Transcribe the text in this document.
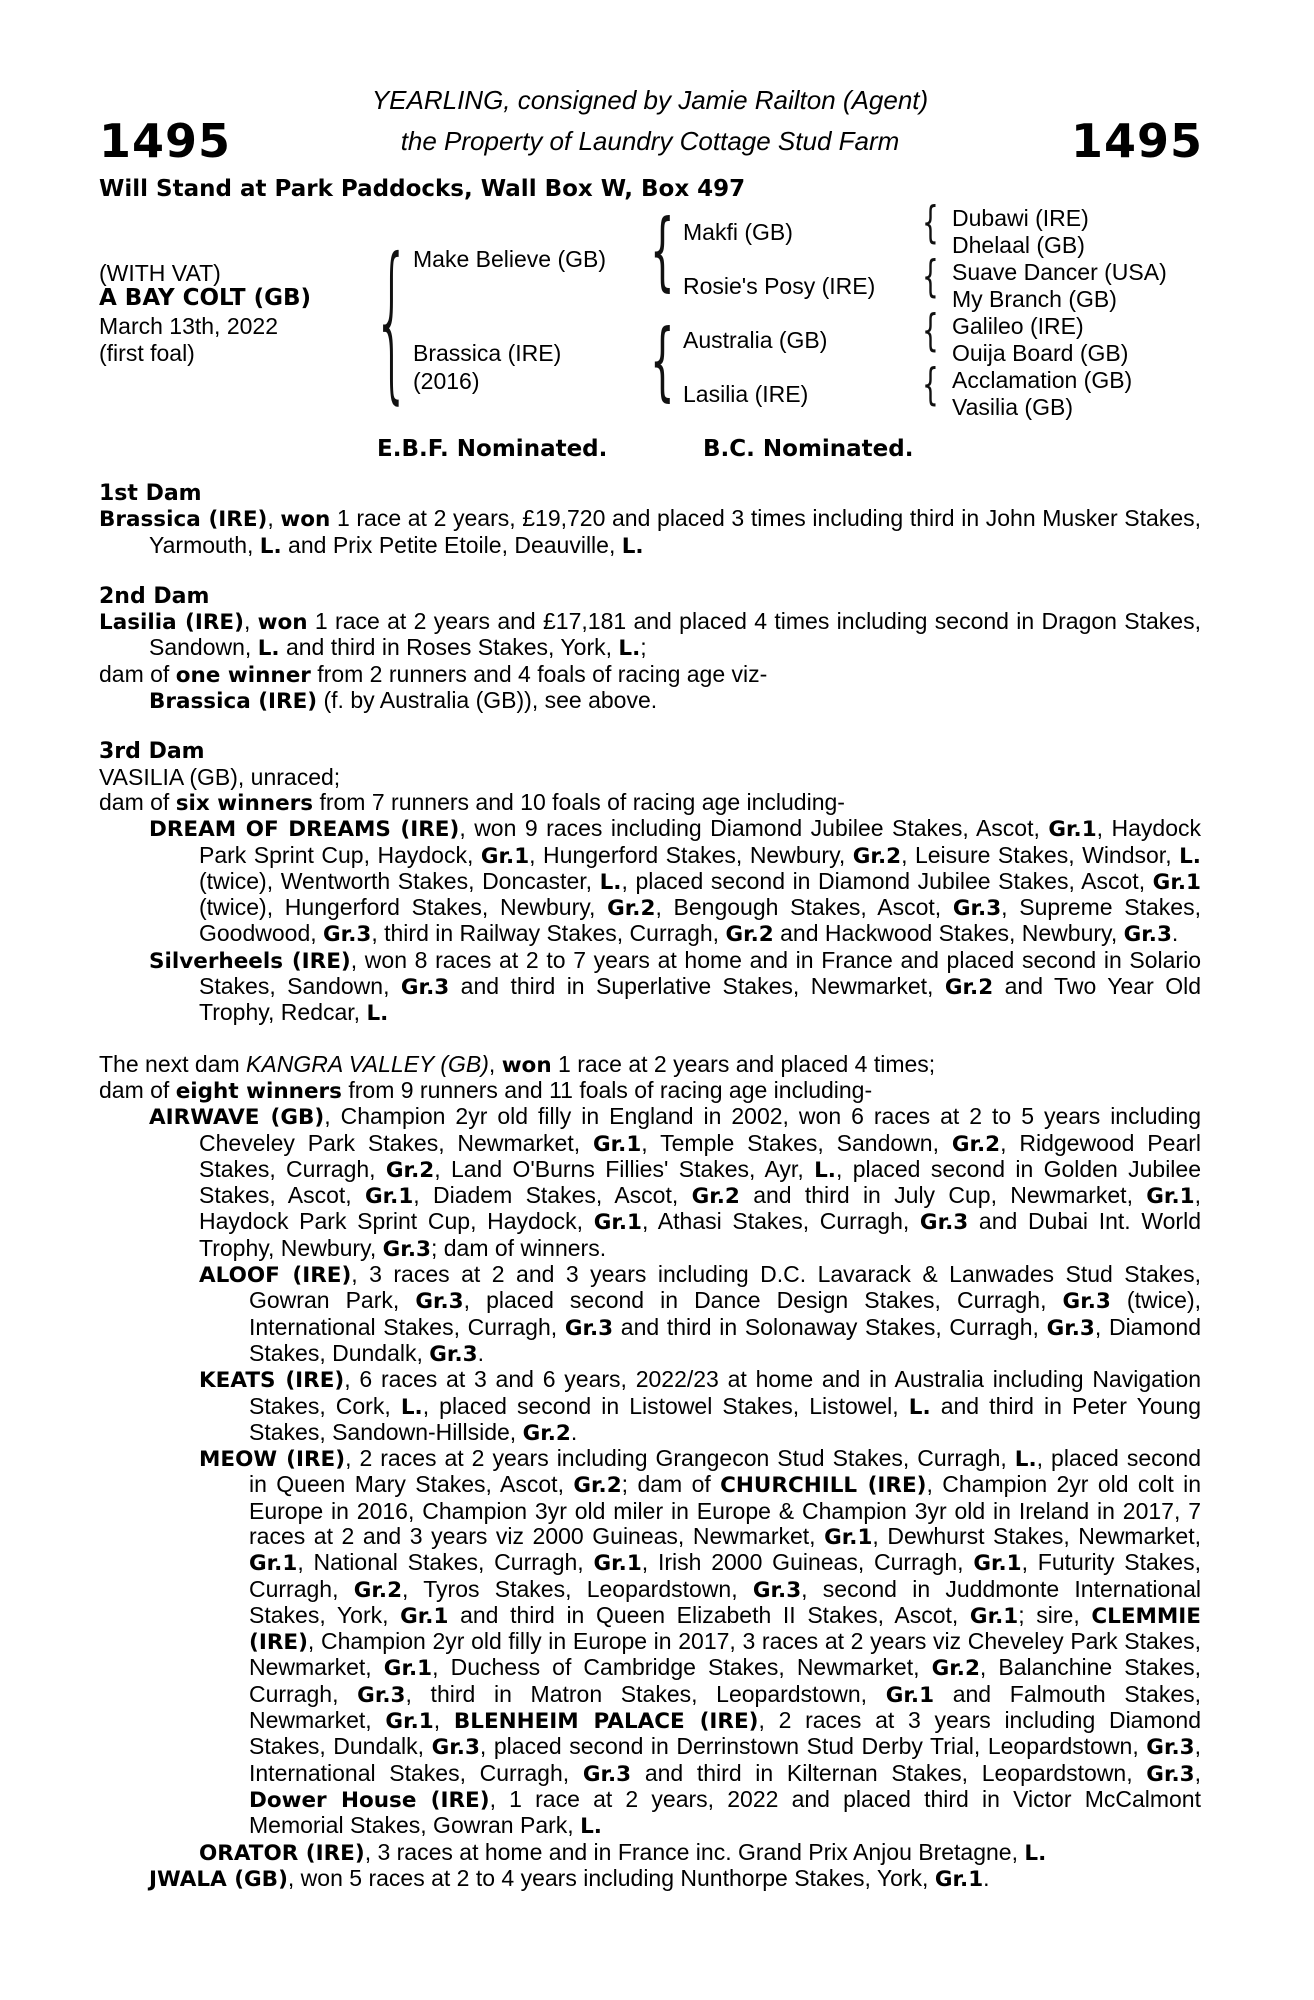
1495	1495
YEARLING, consigned by Jamie Railton (Agent)
the Property of Laundry Cottage Stud Farm
Will Stand at Park Paddocks, Wall Box W, Box 497
(WITH VAT)
A BAY COLT (GB)
March 13th, 2022
(first foal) { Make Believe (GB)
Brassica (IRE)
(2016)
{
{
Makfi (GB)
Rosie's Posy (IRE)
Australia (GB)
Lasilia (IRE)
{
{
{
{
Dubawi (IRE)
Dhelaal (GB)
Suave Dancer (USA)
My Branch (GB)
Galileo (IRE)
Ouija Board (GB)
Acclamation (GB)
Vasilia (GB)
E.B.F. Nominated.	B.C. Nominated.

1st Dam

Brassica (IRE), won 1 race at 2 years, £19,720 and placed 3 times including third in John Musker Stakes, Yarmouth, L. and Prix Petite Etoile, Deauville, L.

2nd Dam

Lasilia (IRE), won 1 race at 2 years and £17,181 and placed 4 times including second in Dragon Stakes, Sandown, L. and third in Roses Stakes, York, L.;

dam of one winner from 2 runners and 4 foals of racing age viz-

Brassica (IRE) (f. by Australia (GB)), see above.

3rd Dam

VASILIA (GB), unraced;

dam of six winners from 7 runners and 10 foals of racing age including-

DREAM OF DREAMS (IRE), won 9 races including Diamond Jubilee Stakes, Ascot, Gr.1, Haydock Park Sprint Cup, Haydock, Gr.1, Hungerford Stakes, Newbury, Gr.2, Leisure Stakes, Windsor, L. (twice), Wentworth Stakes, Doncaster, L., placed second in Diamond Jubilee Stakes, Ascot, Gr.1 (twice), Hungerford Stakes, Newbury, Gr.2, Bengough Stakes, Ascot, Gr.3, Supreme Stakes, Goodwood, Gr.3, third in Railway Stakes, Curragh, Gr.2 and Hackwood Stakes, Newbury, Gr.3.

Silverheels (IRE), won 8 races at 2 to 7 years at home and in France and placed second in Solario Stakes, Sandown, Gr.3 and third in Superlative Stakes, Newmarket, Gr.2 and Two Year Old Trophy, Redcar, L.

The next dam KANGRA VALLEY (GB), won 1 race at 2 years and placed 4 times;

dam of eight winners from 9 runners and 11 foals of racing age including-

AIRWAVE (GB), Champion 2yr old filly in England in 2002, won 6 races at 2 to 5 years including Cheveley Park Stakes, Newmarket, Gr.1, Temple Stakes, Sandown, Gr.2, Ridgewood Pearl Stakes, Curragh, Gr.2, Land O'Burns Fillies' Stakes, Ayr, L., placed second in Golden Jubilee Stakes, Ascot, Gr.1, Diadem Stakes, Ascot, Gr.2 and third in July Cup, Newmarket, Gr.1, Haydock Park Sprint Cup, Haydock, Gr.1, Athasi Stakes, Curragh, Gr.3 and Dubai Int. World Trophy, Newbury, Gr.3; dam of winners.

ALOOF (IRE), 3 races at 2 and 3 years including D.C. Lavarack & Lanwades Stud Stakes, Gowran Park, Gr.3, placed second in Dance Design Stakes, Curragh, Gr.3 (twice), International Stakes, Curragh, Gr.3 and third in Solonaway Stakes, Curragh, Gr.3, Diamond Stakes, Dundalk, Gr.3.

KEATS (IRE), 6 races at 3 and 6 years, 2022/23 at home and in Australia including Navigation Stakes, Cork, L., placed second in Listowel Stakes, Listowel, L. and third in Peter Young Stakes, Sandown-Hillside, Gr.2.

MEOW (IRE), 2 races at 2 years including Grangecon Stud Stakes, Curragh, L., placed second in Queen Mary Stakes, Ascot, Gr.2; dam of CHURCHILL (IRE), Champion 2yr old colt in Europe in 2016, Champion 3yr old miler in Europe & Champion 3yr old in Ireland in 2017, 7 races at 2 and 3 years viz 2000 Guineas, Newmarket, Gr.1, Dewhurst Stakes, Newmarket, Gr.1, National Stakes, Curragh, Gr.1, Irish 2000 Guineas, Curragh, Gr.1, Futurity Stakes, Curragh, Gr.2, Tyros Stakes, Leopardstown, Gr.3, second in Juddmonte International Stakes, York, Gr.1 and third in Queen Elizabeth II Stakes, Ascot, Gr.1; sire, CLEMMIE (IRE), Champion 2yr old filly in Europe in 2017, 3 races at 2 years viz Cheveley Park Stakes, Newmarket, Gr.1, Duchess of Cambridge Stakes, Newmarket, Gr.2, Balanchine Stakes, Curragh, Gr.3, third in Matron Stakes, Leopardstown, Gr.1 and Falmouth Stakes, Newmarket, Gr.1, BLENHEIM PALACE (IRE), 2 races at 3 years including Diamond Stakes, Dundalk, Gr.3, placed second in Derrinstown Stud Derby Trial, Leopardstown, Gr.3, International Stakes, Curragh, Gr.3 and third in Kilternan Stakes, Leopardstown, Gr.3, Dower House (IRE), 1 race at 2 years, 2022 and placed third in Victor McCalmont Memorial Stakes, Gowran Park, L.

ORATOR (IRE), 3 races at home and in France inc. Grand Prix Anjou Bretagne, L.

JWALA (GB), won 5 races at 2 to 4 years including Nunthorpe Stakes, York, Gr.1.
